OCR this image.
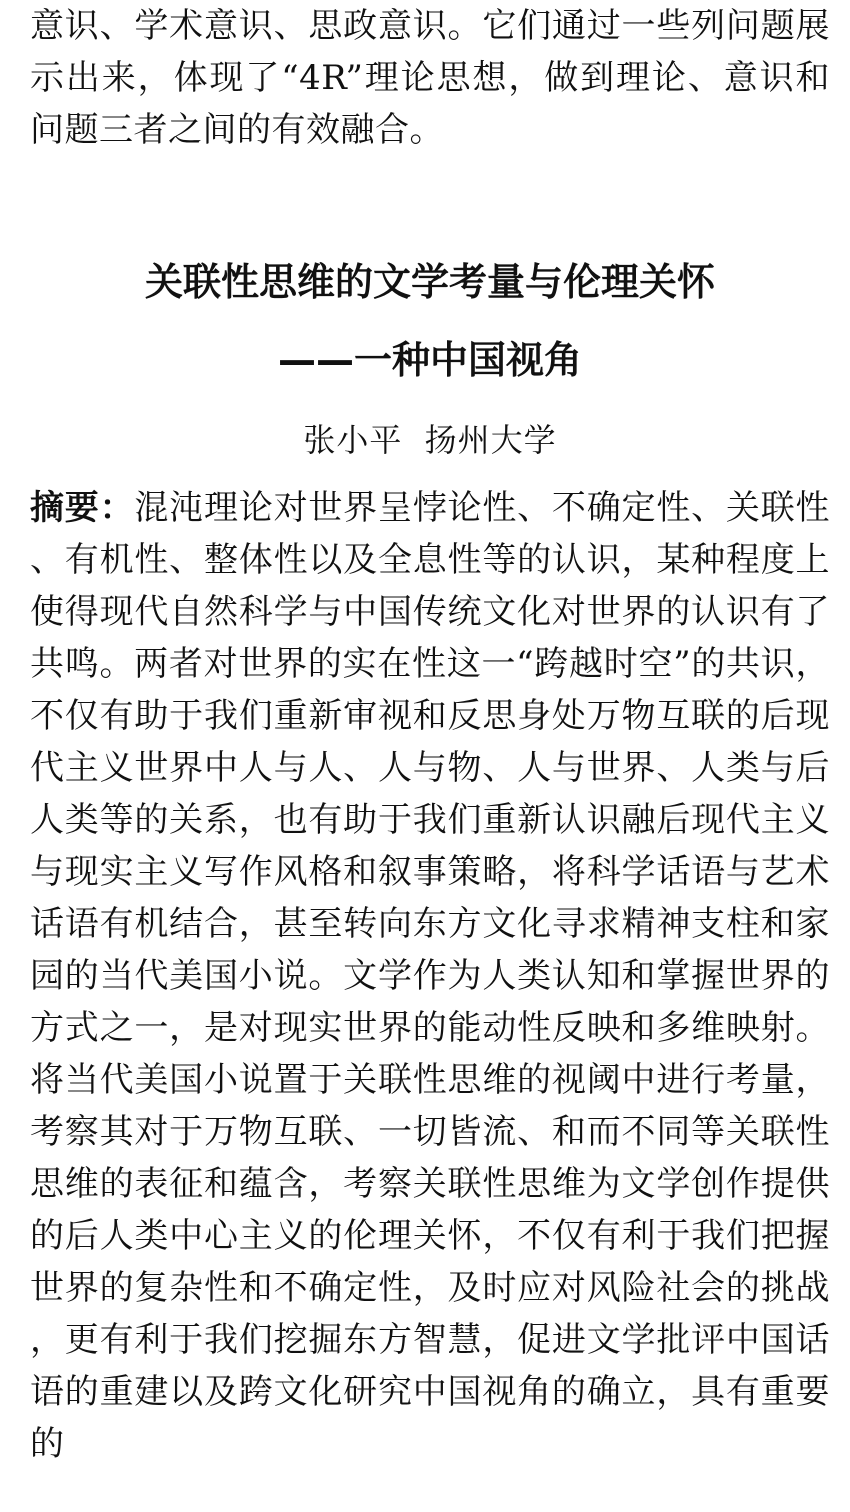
意识、学术意识、思政意识。它们通过一些列问题展示出来，体现了“4R”理论思想，做到理论、意识和问题三者之间的有效融合。

关联性思维的文学考量与伦理关怀
——一种中国视角

张小平  扬州大学

摘要：混沌理论对世界呈悖论性、不确定性、关联性、有机性、整体性以及全息性等的认识，某种程度上使得现代自然科学与中国传统文化对世界的认识有了共鸣。两者对世界的实在性这一“跨越时空”的共识，不仅有助于我们重新审视和反思身处万物互联的后现代主义世界中人与人、人与物、人与世界、人类与后人类等的关系，也有助于我们重新认识融后现代主义与现实主义写作风格和叙事策略，将科学话语与艺术话语有机结合，甚至转向东方文化寻求精神支柱和家园的当代美国小说。文学作为人类认知和掌握世界的方式之一，是对现实世界的能动性反映和多维映射。将当代美国小说置于关联性思维的视阈中进行考量，考察其对于万物互联、一切皆流、和而不同等关联性思维的表征和蕴含，考察关联性思维为文学创作提供的后人类中心主义的伦理关怀，不仅有利于我们把握世界的复杂性和不确定性，及时应对风险社会的挑战，更有利于我们挖掘东方智慧，促进文学批评中国话语的重建以及跨文化研究中国视角的确立，具有重要的
